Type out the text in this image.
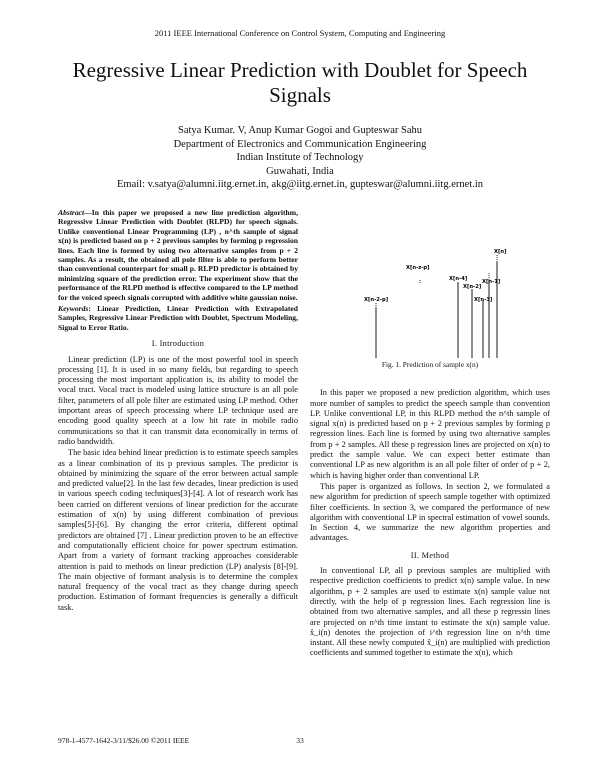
2011 IEEE International Conference on Control System, Computing and Engineering
Regressive Linear Prediction with Doublet for Speech Signals
Satya Kumar. V, Anup Kumar Gogoi and Gupteswar Sahu
Department of Electronics and Communication Engineering
Indian Institute of Technology
Guwahati, India
Email: v.satya@alumni.iitg.ernet.in, akg@iitg.ernet.in, gupteswar@alumni.iitg.ernet.in
Abstract—In this paper we proposed a new line prediction algorithm, Regressive Linear Prediction with Doublet (RLPD) for speech signals. Unlike conventional Linear Programming (LP) , n^th sample of signal x(n) is predicted based on p + 2 previous samples by forming p regression lines. Each line is formed by using two alternative samples from p + 2 samples. As a result, the obtained all pole filter is able to perform better than conventional counterpart for small p. RLPD predictor is obtained by minimizing square of the prediction error. The experiment show that the performance of the RLPD method is effective compared to the LP method for the voiced speech signals corrupted with additive white gaussian noise.
Keywords: Linear Prediction, Linear Prediction with Extrapolated Samples, Regressive Linear Prediction with Doublet, Spectrum Modeling, Signal to Error Ratio.
I. Introduction

Linear prediction (LP) is one of the most powerful tool in speech processing [1]. It is used in so many fields, but regarding to speech processing the most important application is, its ability to model the vocal tract. Vocal tract is modeled using lattice structure is an all pole filter, parameters of all pole filter are estimated using LP method. Other important areas of speech processing where LP technique used are encoding good quality speech at a low bit rate in mobile radio communications so that it can transmit data economically in terms of radio bandwidth.

The basic idea behind linear prediction is to estimate speech samples as a linear combination of its p previous samples. The predictor is obtained by minimizing the square of the error between actual sample and predicted value[2]. In the last few decades, linear prediction is used in various speech coding techniques[3]-[4]. A lot of research work has been carried on different versions of linear prediction for the accurate estimation of x(n) by using different combination of previous samples[5]-[6]. By changing the error criteria, different optimal predictors are obtained [7] . Linear prediction proven to be an effective and computationally efficient choice for power spectrum estimation. Apart from a variety of formant tracking approaches considerable attention is paid to methods on linear prediction (LP) analysis [8]-[9]. The main objective of formant analysis is to determine the complex natural frequency of the vocal tract as they change during speech production. Estimation of formant frequencies is generally a difficult task.

X[n]
X[n-z-p]
X[n-2-p]
X[n-4]
X[n-2]
X[n-1]
X[n-3]
Fig. 1. Prediction of sample x(n)

In this paper we proposed a new prediction algorithm, which uses more number of samples to predict the speech sample than convention LP. Unlike conventional LP, in this RLPD method the n^th sample of signal x(n) is predicted based on p + 2 previous samples by forming p regression lines. Each line is formed by using two alternative samples from p + 2 samples. All these p regression lines are projected on x(n) to predict the sample value. We can expect better estimate than conventional LP as new algorithm is an all pole filter of order of p + 2, which is having higher order than conventional LP.

This paper is organized as follows. In section 2, we formulated a new algorithm for prediction of speech sample together with optimized filter coefficients. In section 3, we compared the performance of new algorithm with conventional LP in spectral estimation of vowel sounds. In Section 4, we summarize the new algorithm properties and advantages.

II. Method

In conventional LP, all p previous samples are multiplied with respective prediction coefficients to predict x(n) sample value. In new algorithm, p + 2 samples are used to estimate x(n) sample value not directly, with the help of p regression lines. Each regression line is obtained from two alternative samples, and all these p regressin lines are projected on n^th time instant to estimate the x(n) sample value. x̂_i(n) denotes the projection of i^th regression line on n^th time instant. All these newly computed x̂_i(n) are multiplied with prediction coefficients and summed together to estimate the x(n), which

978-1-4577-1642-3/11/$26.00 ©2011 IEEE	33
